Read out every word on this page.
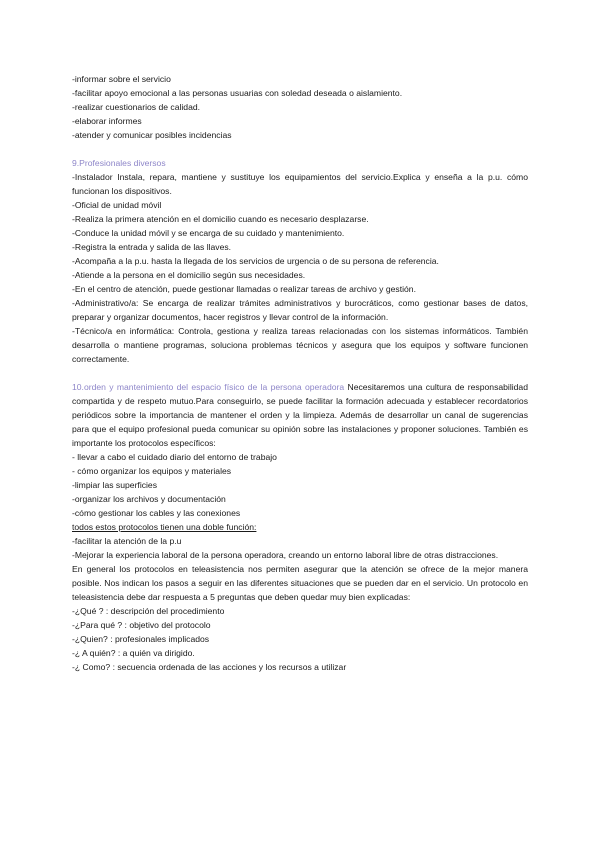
-informar sobre el servicio
-facilitar apoyo emocional a las personas usuarias con soledad deseada o aislamiento.
-realizar cuestionarios de calidad.
-elaborar informes
-atender y comunicar posibles incidencias
9.Profesionales diversos
-Instalador Instala, repara, mantiene y sustituye los equipamientos del servicio.Explica y enseña a la p.u. cómo funcionan los dispositivos.
-Oficial de unidad móvil
-Realiza la primera atención en el domicilio cuando es necesario desplazarse.
-Conduce la unidad móvil y se encarga de su cuidado y mantenimiento.
-Registra la entrada y salida de las llaves.
-Acompaña a la p.u. hasta la llegada de los servicios de urgencia o de su persona de referencia.
-Atiende a la persona en el domicilio según sus necesidades.
-En el centro de atención, puede gestionar llamadas o realizar tareas de archivo y gestión.
-Administrativo/a: Se encarga de realizar trámites administrativos y burocráticos, como gestionar bases de datos, preparar y organizar documentos, hacer registros y llevar control de la información.
-Técnico/a en informática: Controla, gestiona y realiza tareas relacionadas con los sistemas informáticos. También desarrolla o mantiene programas, soluciona problemas técnicos y asegura que los equipos y software funcionen correctamente.
10.orden y mantenimiento del espacio físico de la persona operadora Necesitaremos una cultura de responsabilidad compartida y de respeto mutuo.Para conseguirlo, se puede facilitar la formación adecuada y establecer recordatorios periódicos sobre la importancia de mantener el orden y la limpieza. Además de desarrollar un canal de sugerencias para que el equipo profesional pueda comunicar su opinión sobre las instalaciones y proponer soluciones. También es importante los protocolos específicos:
- llevar a cabo el cuidado diario del entorno de trabajo
- cómo organizar los equipos y materiales
-limpiar las superficies
-organizar los archivos y documentación
-cómo gestionar los cables y las conexiones
todos estos protocolos tienen una doble función:
-facilitar la atención de la p.u
-Mejorar la experiencia laboral de la persona operadora, creando un entorno laboral libre de otras distracciones.
En general los protocolos en teleasistencia nos permiten asegurar que la atención se ofrece de la mejor manera posible. Nos indican los pasos a seguir en las diferentes situaciones que se pueden dar en el servicio. Un protocolo en teleasistencia debe dar respuesta a 5 preguntas que deben quedar muy bien explicadas:
-¿Qué ? : descripción del procedimiento
-¿Para qué ? : objetivo del protocolo
-¿Quien? : profesionales implicados
-¿ A quién? : a quién va dirigido.
-¿ Como? : secuencia ordenada de las acciones y los recursos a utilizar
